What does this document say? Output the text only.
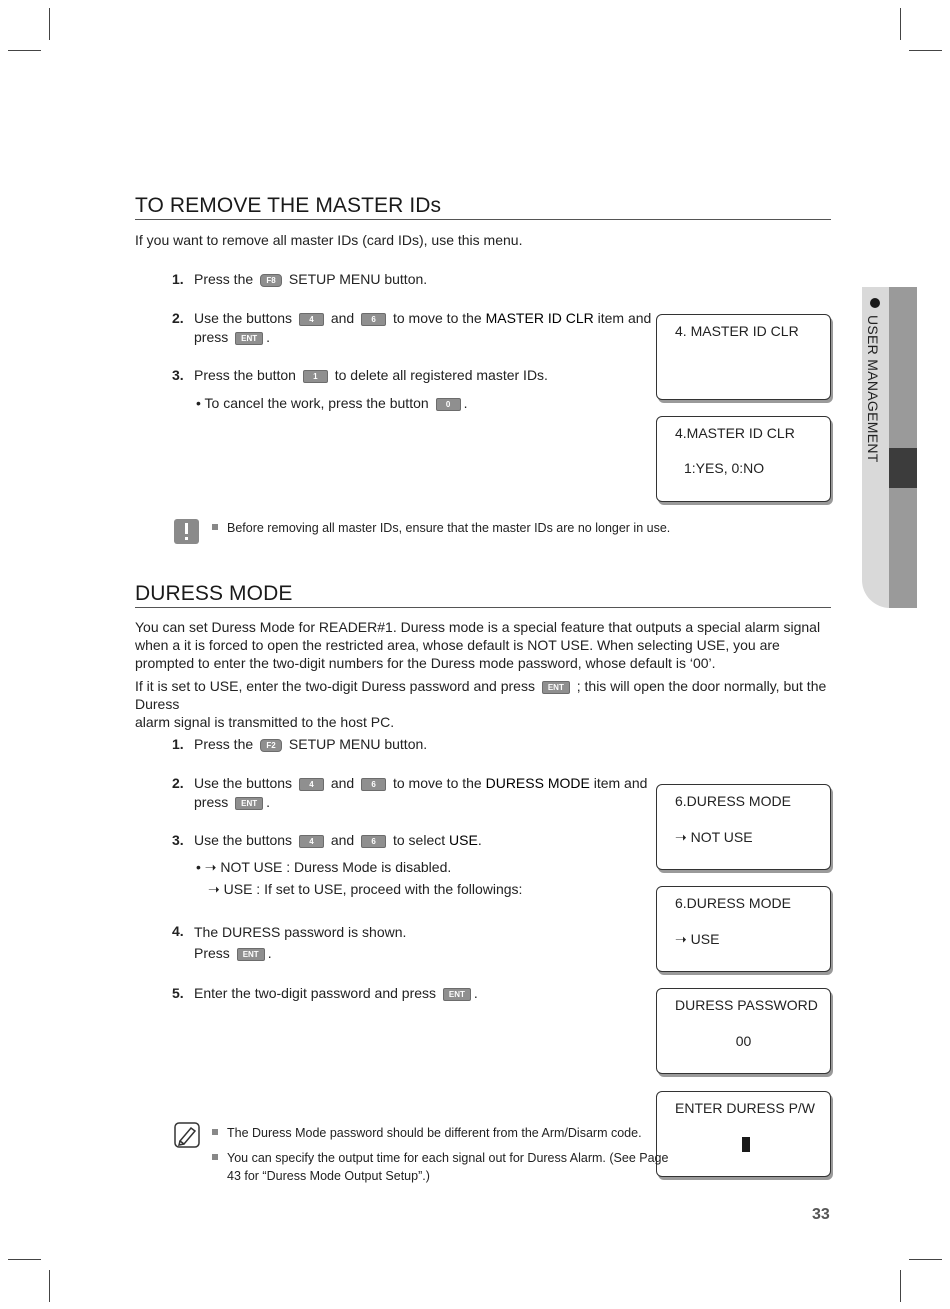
USER MANAGEMENT
TO REMOVE THE MASTER IDs
If you want to remove all master IDs (card IDs), use this menu.
1. Press the F8 SETUP MENU button.
2. Use the buttons 4 and 6 to move to the MASTER ID CLR item and
press ENT .
3. Press the button 1 to delete all registered master IDs.
• To cancel the work, press the button 0 .
4. MASTER ID CLR
4.MASTER ID CLR
1:YES, 0:NO
Before removing all master IDs, ensure that the master IDs are no longer in use.
DURESS MODE
You can set Duress Mode for READER#1. Duress mode is a special feature that outputs a special alarm signal when a it is forced to open the restricted area, whose default is NOT USE. When selecting USE, you are prompted to enter the two-digit numbers for the Duress mode password, whose default is ‘00’.
If it is set to USE, enter the two-digit Duress password and press ENT ; this will open the door normally, but the Duress
alarm signal is transmitted to the host PC.
1. Press the F2 SETUP MENU button.
2. Use the buttons 4 and 6 to move to the DURESS MODE item and
press ENT .
3. Use the buttons 4 and 6 to select USE.
• ➝ NOT USE : Duress Mode is disabled.
➝ USE : If set to USE, proceed with the followings:
4. The DURESS password is shown.
Press ENT .
5. Enter the two-digit password and press ENT .
6.DURESS MODE
➝ NOT USE
6.DURESS MODE
➝ USE
DURESS PASSWORD
00
ENTER DURESS P/W
The Duress Mode password should be different from the Arm/Disarm code.
You can specify the output time for each signal out for Duress Alarm. (See Page
43 for “Duress Mode Output Setup”.)
33
